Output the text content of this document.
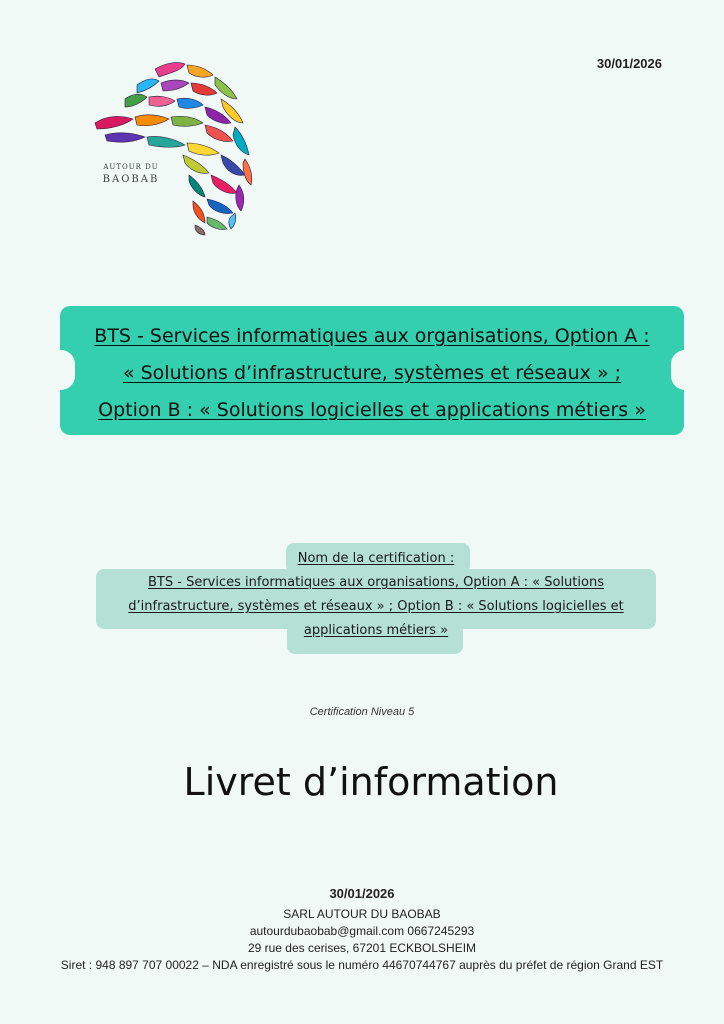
30/01/2026
AUTOUR DU
BAOBAB
BTS - Services informatiques aux organisations, Option A :
« Solutions d’infrastructure, systèmes et réseaux » ;
Option B : « Solutions logicielles et applications métiers »
Nom de la certification :
BTS - Services informatiques aux organisations, Option A : « Solutions
d’infrastructure, systèmes et réseaux » ; Option B : « Solutions logicielles et
applications métiers »
Certification Niveau 5
Livret d’information
30/01/2026
SARL AUTOUR DU BAOBAB
autourdubaobab@gmail.com 0667245293
29 rue des cerises, 67201 ECKBOLSHEIM
Siret : 948 897 707 00022 – NDA enregistré sous le numéro 44670744767 auprès du préfet de région Grand EST
